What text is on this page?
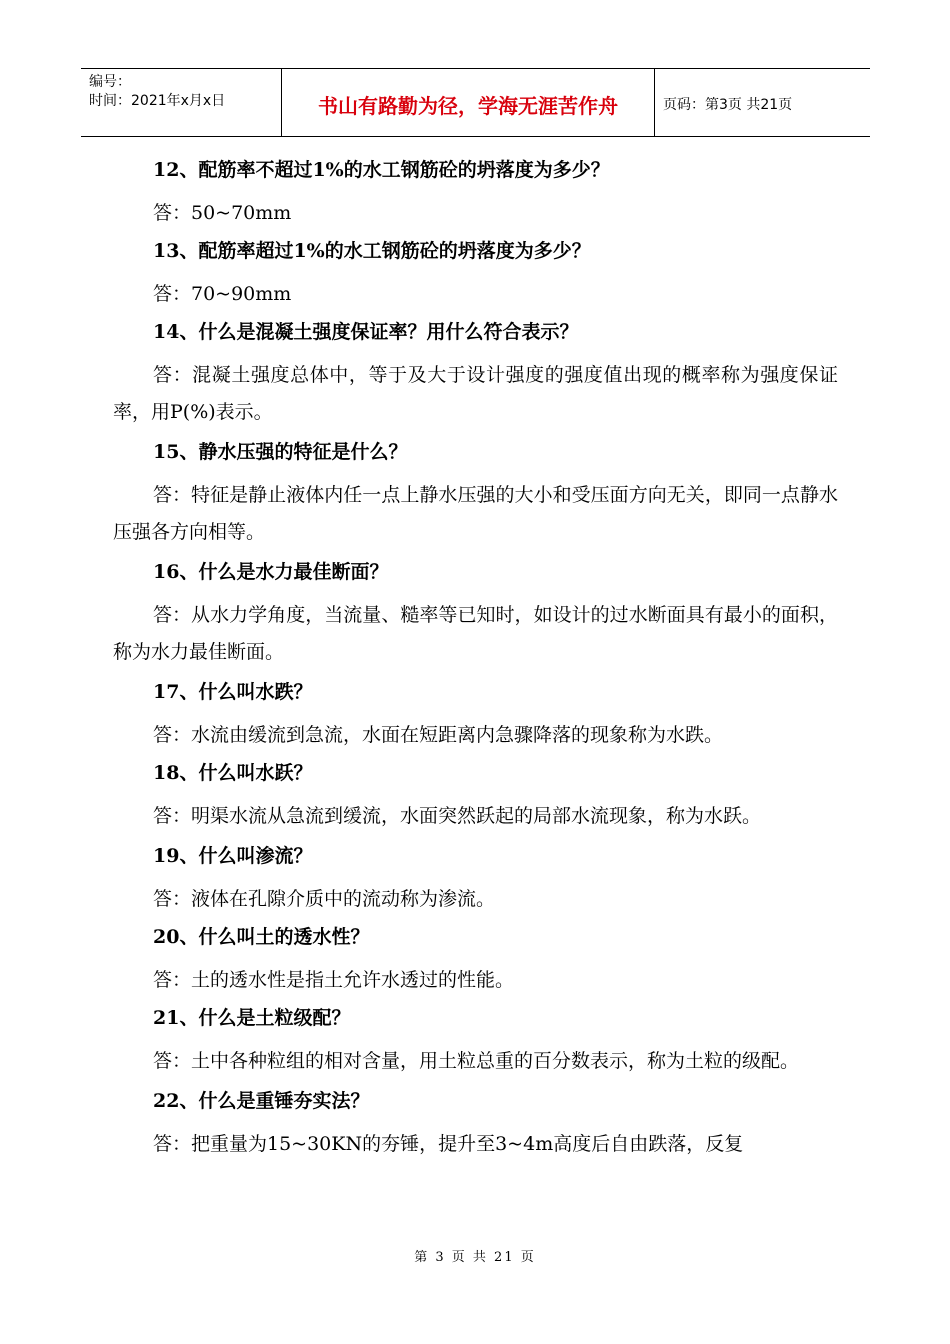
编号：
时间：2021年x月x日	书山有路勤为径，学海无涯苦作舟	页码：第3页 共21页

12、配筋率不超过1%的水工钢筋砼的坍落度为多少？

答：50~70mm

13、配筋率超过1%的水工钢筋砼的坍落度为多少？

答：70~90mm

14、什么是混凝土强度保证率？用什么符合表示？

答：混凝土强度总体中，等于及大于设计强度的强度值出现的概率称为强度保证率，用P(%)表示。

15、静水压强的特征是什么？

答：特征是静止液体内任一点上静水压强的大小和受压面方向无关，即同一点静水压强各方向相等。

16、什么是水力最佳断面？

答：从水力学角度，当流量、糙率等已知时，如设计的过水断面具有最小的面积，称为水力最佳断面。

17、什么叫水跌？

答：水流由缓流到急流，水面在短距离内急骤降落的现象称为水跌。

18、什么叫水跃？

答：明渠水流从急流到缓流，水面突然跃起的局部水流现象，称为水跃。

19、什么叫渗流？

答：液体在孔隙介质中的流动称为渗流。

20、什么叫土的透水性？

答：土的透水性是指土允许水透过的性能。

21、什么是土粒级配？

答：土中各种粒组的相对含量，用土粒总重的百分数表示，称为土粒的级配。

22、什么是重锤夯实法？

答：把重量为15~30KN的夯锤，提升至3~4m高度后自由跌落，反复

第 3 页 共 21 页
